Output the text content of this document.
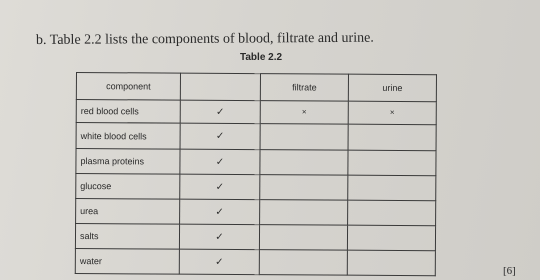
b. Table 2.2 lists the components of blood, filtrate and urine.
Table 2.2
component		filtrate	urine
red blood cells	✓	×	×
white blood cells	✓		
plasma proteins	✓		
glucose	✓		
urea	✓		
salts	✓		
water	✓		
[6]
